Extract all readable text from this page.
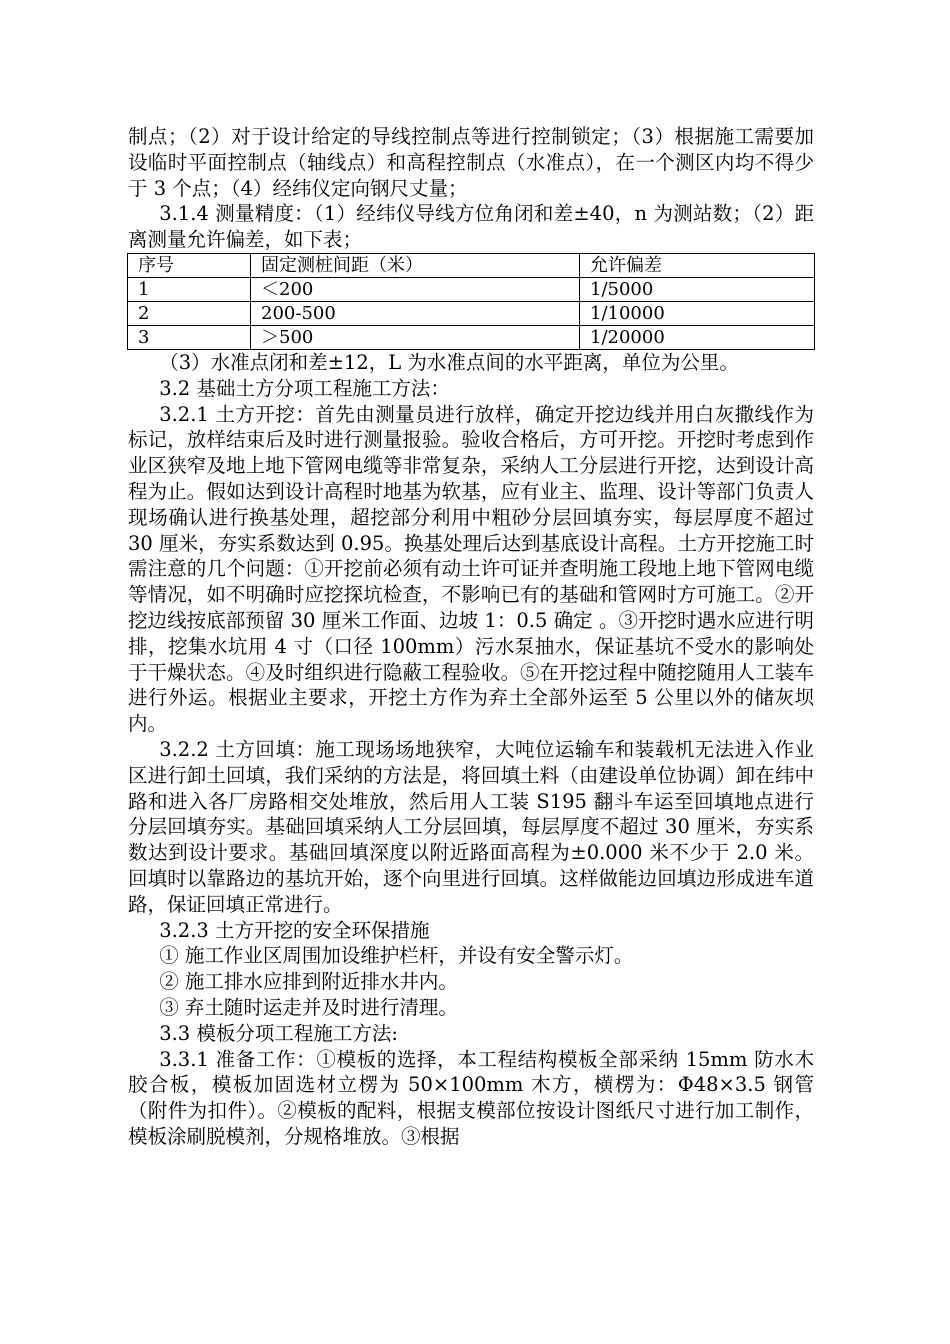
制点；（2）对于设计给定的导线控制点等进行控制锁定；（3）根据施工需要加设临时平面控制点（轴线点）和高程控制点（水准点），在一个测区内均不得少于 3 个点；（4）经纬仪定向钢尺丈量；

3.1.4 测量精度：（1）经纬仪导线方位角闭和差±40，n 为测站数；（2）距离测量允许偏差，如下表；

序号	固定测桩间距（米）	允许偏差
1	＜200	1/5000
2	200-500	1/10000
3	＞500	1/20000

（3）水准点闭和差±12，L 为水准点间的水平距离，单位为公里。

3.2 基础土方分项工程施工方法：

3.2.1 土方开挖：首先由测量员进行放样，确定开挖边线并用白灰撒线作为标记，放样结束后及时进行测量报验。验收合格后，方可开挖。开挖时考虑到作业区狭窄及地上地下管网电缆等非常复杂，采纳人工分层进行开挖，达到设计高程为止。假如达到设计高程时地基为软基，应有业主、监理、设计等部门负责人现场确认进行换基处理，超挖部分利用中粗砂分层回填夯实，每层厚度不超过 30 厘米，夯实系数达到 0.95。换基处理后达到基底设计高程。土方开挖施工时需注意的几个问题：①开挖前必须有动土许可证并查明施工段地上地下管网电缆等情况，如不明确时应挖探坑检查，不影响已有的基础和管网时方可施工。②开挖边线按底部预留 30 厘米工作面、边坡 1：0.5 确定 。③开挖时遇水应进行明排，挖集水坑用 4 寸（口径 100mm）污水泵抽水，保证基坑不受水的影响处于干燥状态。④及时组织进行隐蔽工程验收。⑤在开挖过程中随挖随用人工装车进行外运。根据业主要求，开挖土方作为弃土全部外运至 5 公里以外的储灰坝内。

3.2.2 土方回填：施工现场场地狭窄，大吨位运输车和装载机无法进入作业区进行卸土回填，我们采纳的方法是，将回填土料（由建设单位协调）卸在纬中路和进入各厂房路相交处堆放，然后用人工装 S195 翻斗车运至回填地点进行分层回填夯实。基础回填采纳人工分层回填，每层厚度不超过 30 厘米，夯实系数达到设计要求。基础回填深度以附近路面高程为±0.000 米不少于 2.0 米。回填时以靠路边的基坑开始，逐个向里进行回填。这样做能边回填边形成进车道路，保证回填正常进行。

3.2.3 土方开挖的安全环保措施

① 施工作业区周围加设维护栏杆，并设有安全警示灯。

② 施工排水应排到附近排水井内。

③ 弃土随时运走并及时进行清理。

3.3 模板分项工程施工方法:

3.3.1 准备工作：①模板的选择，本工程结构模板全部采纳 15mm 防水木胶合板，模板加固选材立楞为 50×100mm 木方，横楞为：Φ48×3.5 钢管（附件为扣件）。②模板的配料，根据支模部位按设计图纸尺寸进行加工制作，模板涂刷脱模剂，分规格堆放。③根据
